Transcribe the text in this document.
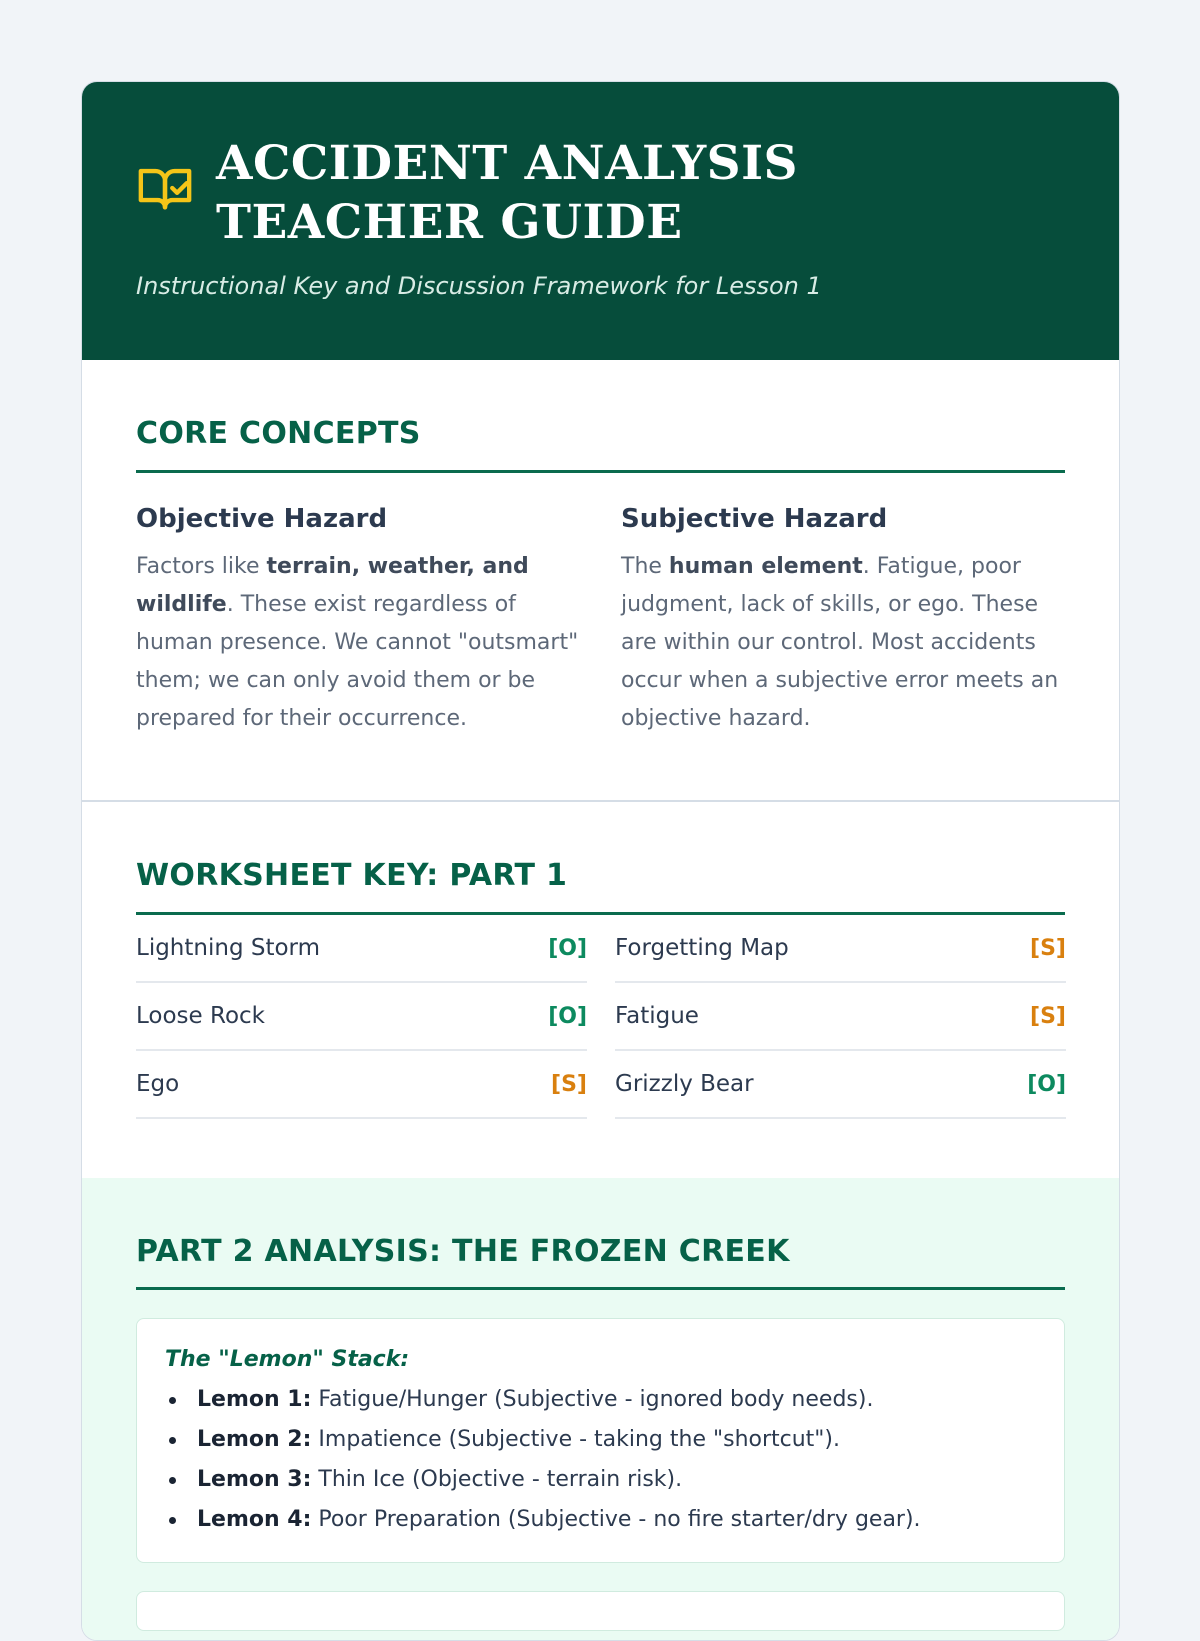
ACCIDENT ANALYSIS TEACHER GUIDE
Instructional Key and Discussion Framework for Lesson 1
CORE CONCEPTS
Objective Hazard

Factors like terrain, weather, and wildlife. These exist regardless of human presence. We cannot "outsmart" them; we can only avoid them or be prepared for their occurrence.

Subjective Hazard

The human element. Fatigue, poor judgment, lack of skills, or ego. These are within our control. Most accidents occur when a subjective error meets an objective hazard.

WORKSHEET KEY: PART 1
Lightning Storm	[O] Forgetting Map	[S]
Loose Rock	[O] Fatigue	[S]
Ego	[S] Grizzly Bear	[O]
PART 2 ANALYSIS: THE FROZEN CREEK
The "Lemon" Stack:
Lemon 1: Fatigue/Hunger (Subjective - ignored body needs).
Lemon 2: Impatience (Subjective - taking the "shortcut").
Lemon 3: Thin Ice (Objective - terrain risk).
Lemon 4: Poor Preparation (Subjective - no fire starter/dry gear).
